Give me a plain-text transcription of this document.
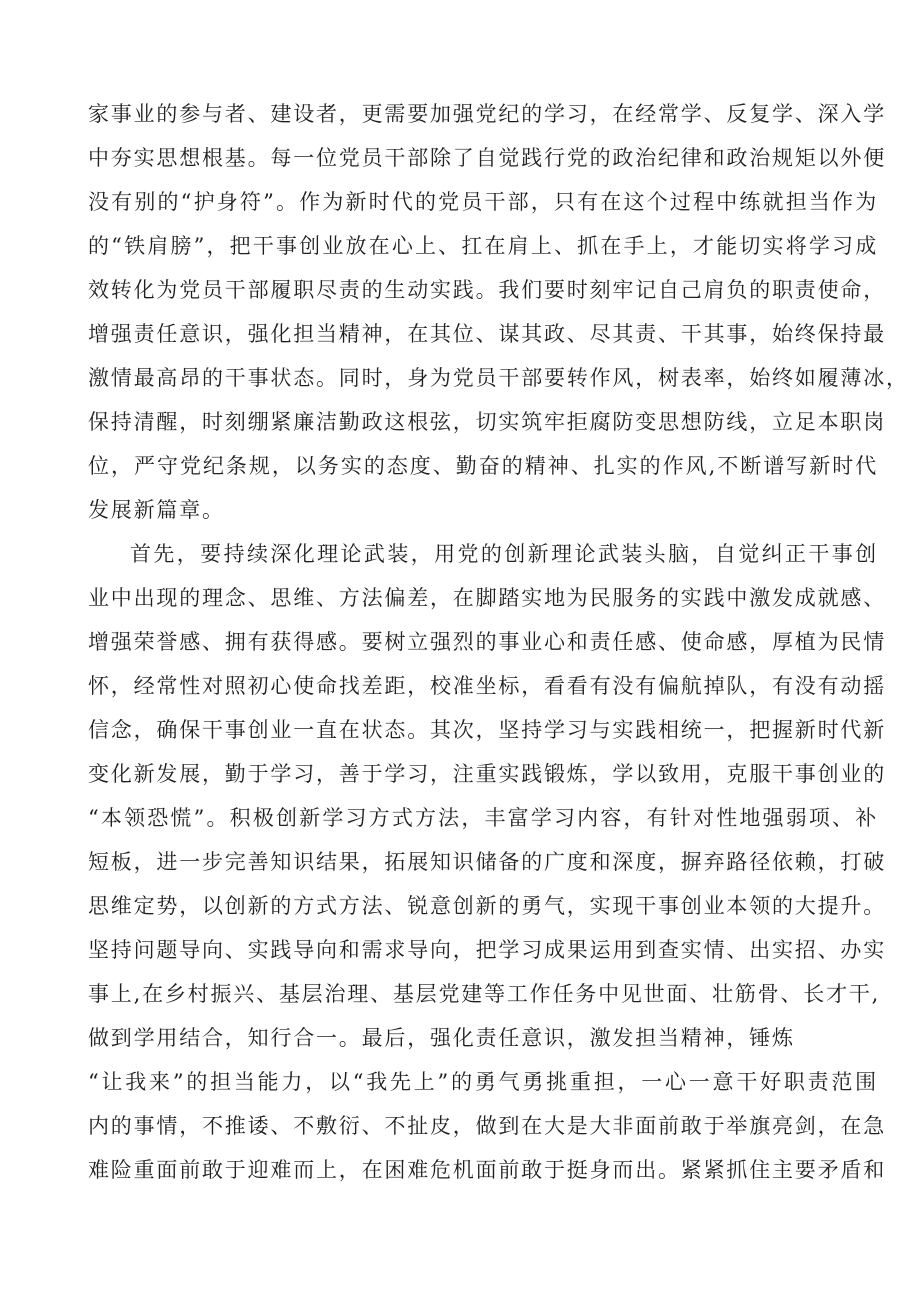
家事业的参与者、建设者，更需要加强党纪的学习，在经常学、反复学、深入学
中夯实思想根基。每一位党员干部除了自觉践行党的政治纪律和政治规矩以外便
没有别的“护身符”。作为新时代的党员干部，只有在这个过程中练就担当作为
的“铁肩膀”，把干事创业放在心上、扛在肩上、抓在手上，才能切实将学习成
效转化为党员干部履职尽责的生动实践。我们要时刻牢记自己肩负的职责使命，
增强责任意识，强化担当精神，在其位、谋其政、尽其责、干其事，始终保持最
激情最高昂的干事状态。同时，身为党员干部要转作风，树表率，始终如履薄冰，
保持清醒，时刻绷紧廉洁勤政这根弦，切实筑牢拒腐防变思想防线，立足本职岗
位，严守党纪条规，以务实的态度、勤奋的精神、扎实的作风,不断谱写新时代
发展新篇章。
首先，要持续深化理论武装，用党的创新理论武装头脑，自觉纠正干事创
业中出现的理念、思维、方法偏差，在脚踏实地为民服务的实践中激发成就感、
增强荣誉感、拥有获得感。要树立强烈的事业心和责任感、使命感，厚植为民情
怀，经常性对照初心使命找差距，校准坐标，看看有没有偏航掉队，有没有动摇
信念，确保干事创业一直在状态。其次，坚持学习与实践相统一，把握新时代新
变化新发展，勤于学习，善于学习，注重实践锻炼，学以致用，克服干事创业的
“本领恐慌”。积极创新学习方式方法，丰富学习内容，有针对性地强弱项、补
短板，进一步完善知识结果，拓展知识储备的广度和深度，摒弃路径依赖，打破
思维定势，以创新的方式方法、锐意创新的勇气，实现干事创业本领的大提升。
坚持问题导向、实践导向和需求导向，把学习成果运用到查实情、出实招、办实
事上,在乡村振兴、基层治理、基层党建等工作任务中见世面、壮筋骨、长才干,
做到学用结合，知行合一。最后，强化责任意识，激发担当精神，锤炼
“让我来”的担当能力，以“我先上”的勇气勇挑重担，一心一意干好职责范围
内的事情，不推诿、不敷衍、不扯皮，做到在大是大非面前敢于举旗亮剑，在急
难险重面前敢于迎难而上，在困难危机面前敢于挺身而出。紧紧抓住主要矛盾和
